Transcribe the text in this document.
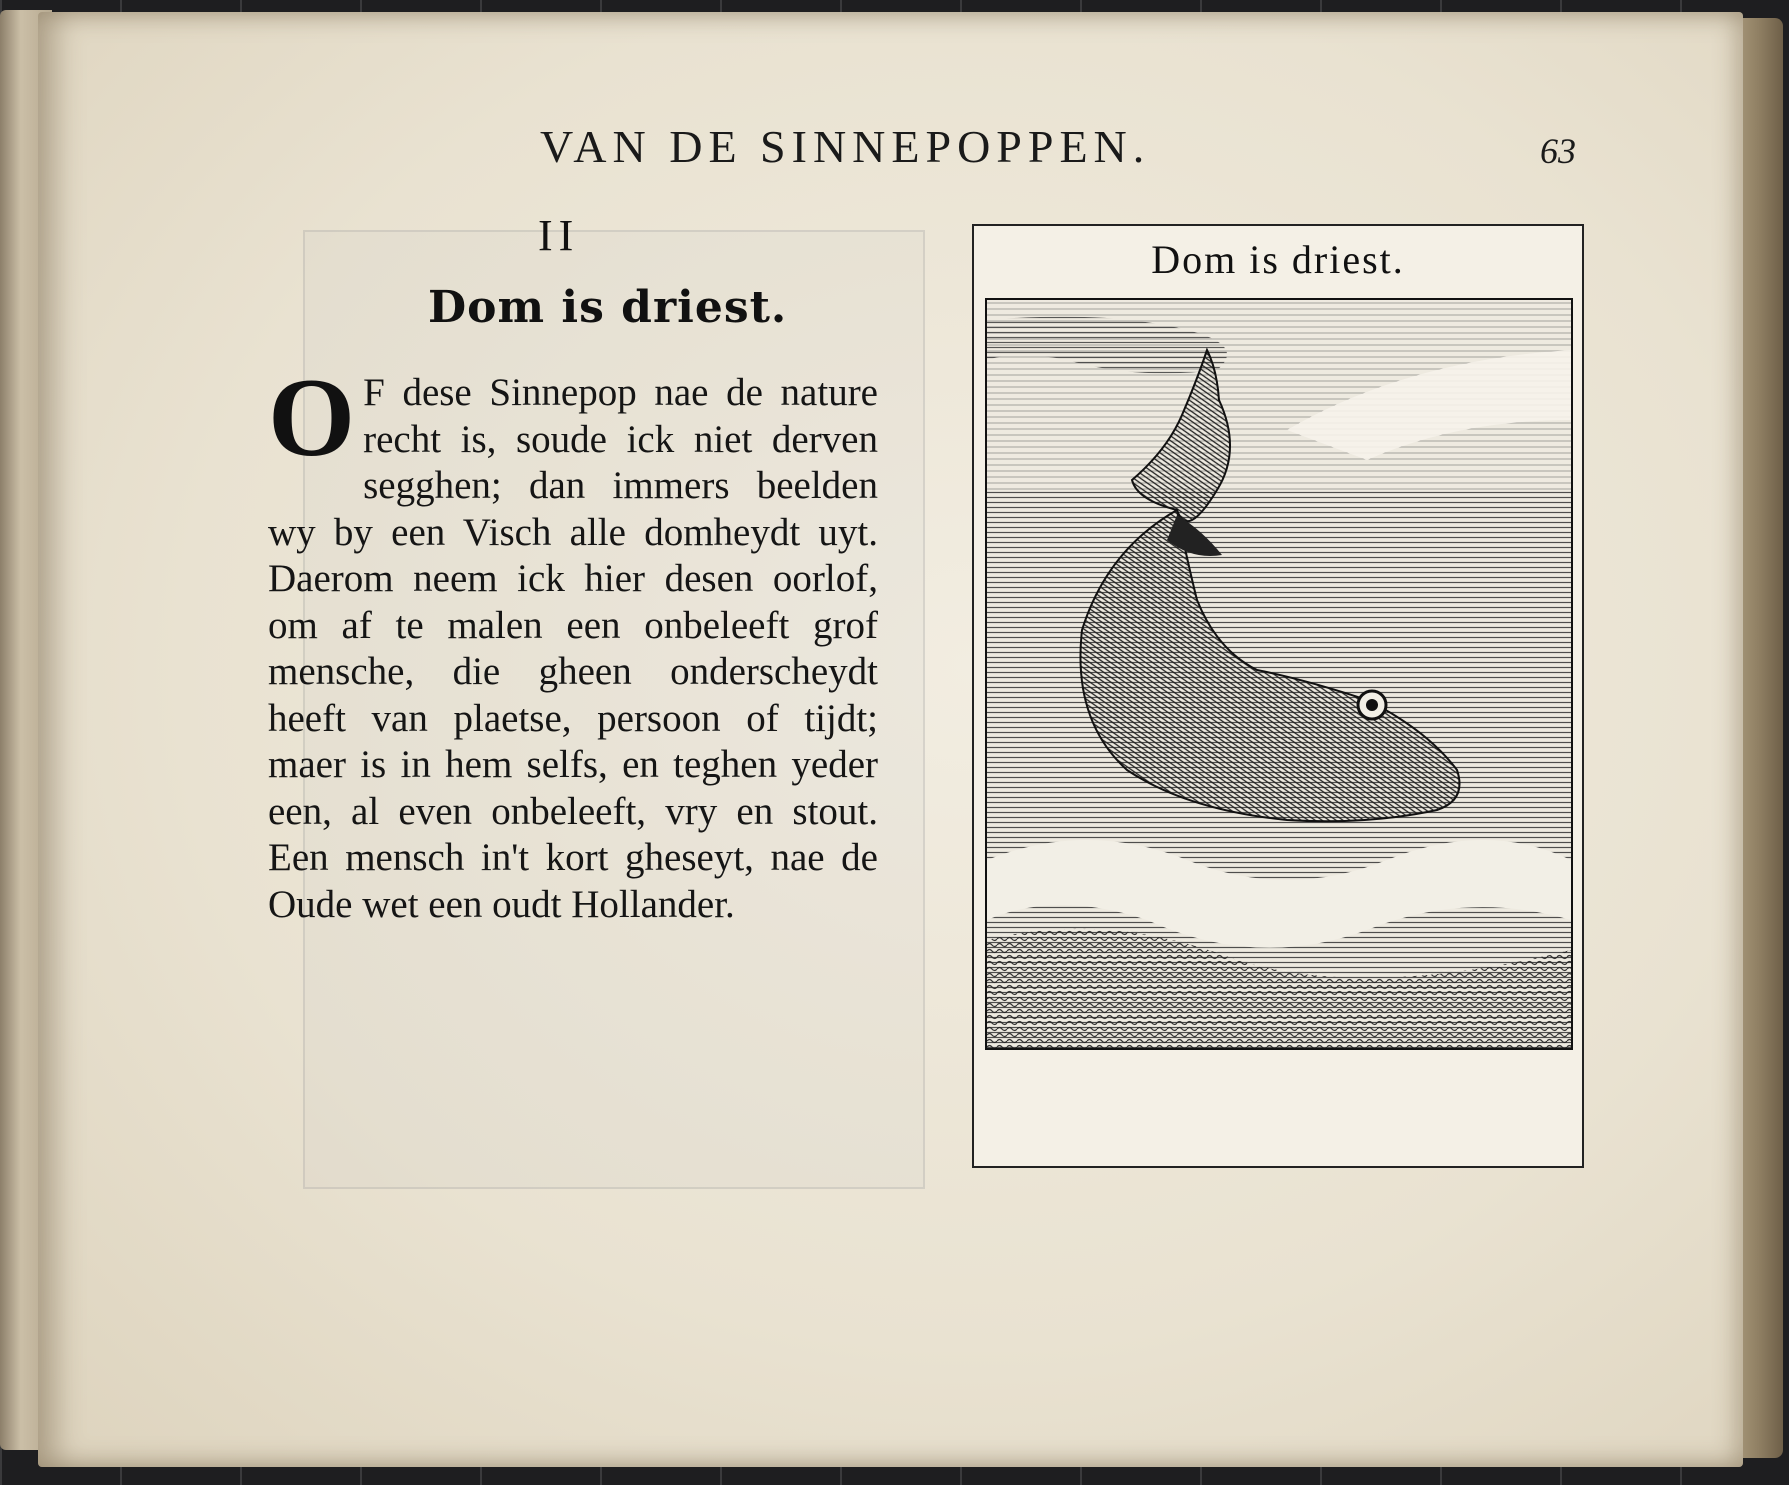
VAN DE SINNEPOPPEN.	63
II
Dom is driest.
O F dese Sinnepop nae de nature recht is, soude ick niet derven segghen; dan immers beelden wy by een Visch alle domheydt uyt. Daerom neem ick hier desen oorlof, om af te malen een onbeleeft grof mensche, die gheen onderscheydt heeft van plaetse, persoon of tijdt; maer is in hem selfs, en teghen yeder een, al even onbeleeft, vry en stout. Een mensch in't kort gheseyt, nae de Oude wet een oudt Hollander.
Dom is driest.
